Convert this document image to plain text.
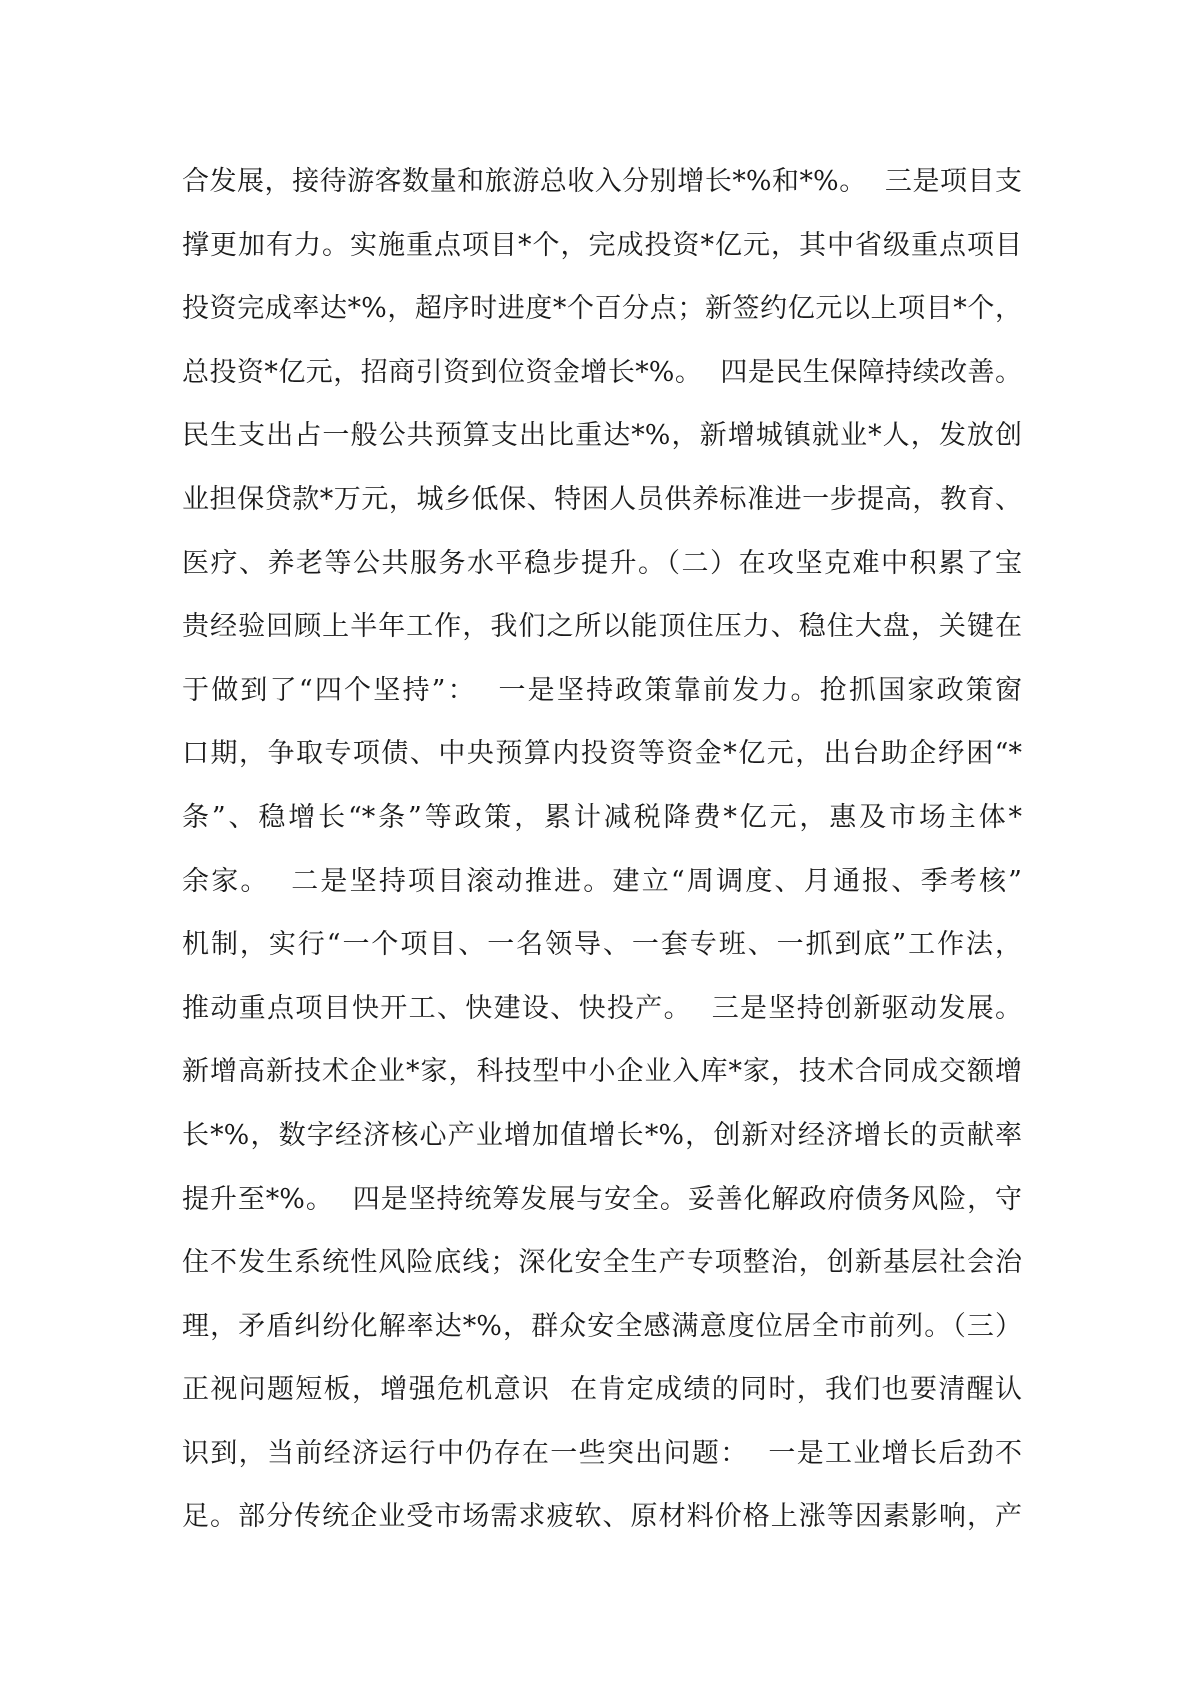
合发展，接待游客数量和旅游总收入分别增长*%和*%。  三是项目支
撑更加有力。实施重点项目*个，完成投资*亿元，其中省级重点项目
投资完成率达*%，超序时进度*个百分点；新签约亿元以上项目*个，
总投资*亿元，招商引资到位资金增长*%。  四是民生保障持续改善。
民生支出占一般公共预算支出比重达*%，新增城镇就业*人，发放创
业担保贷款*万元，城乡低保、特困人员供养标准进一步提高，教育、
医疗、养老等公共服务水平稳步提升。（二）在攻坚克难中积累了宝
贵经验回顾上半年工作，我们之所以能顶住压力、稳住大盘，关键在
于做到了“四个坚持”：  一是坚持政策靠前发力。抢抓国家政策窗
口期，争取专项债、中央预算内投资等资金*亿元，出台助企纾困“*
条”、稳增长“*条”等政策，累计减税降费*亿元，惠及市场主体*
余家。  二是坚持项目滚动推进。建立“周调度、月通报、季考核”
机制，实行“一个项目、一名领导、一套专班、一抓到底”工作法，
推动重点项目快开工、快建设、快投产。  三是坚持创新驱动发展。
新增高新技术企业*家，科技型中小企业入库*家，技术合同成交额增
长*%，数字经济核心产业增加值增长*%，创新对经济增长的贡献率
提升至*%。  四是坚持统筹发展与安全。妥善化解政府债务风险，守
住不发生系统性风险底线；深化安全生产专项整治，创新基层社会治
理，矛盾纠纷化解率达*%，群众安全感满意度位居全市前列。（三）
正视问题短板，增强危机意识  在肯定成绩的同时，我们也要清醒认
识到，当前经济运行中仍存在一些突出问题：  一是工业增长后劲不
足。部分传统企业受市场需求疲软、原材料价格上涨等因素影响，产
